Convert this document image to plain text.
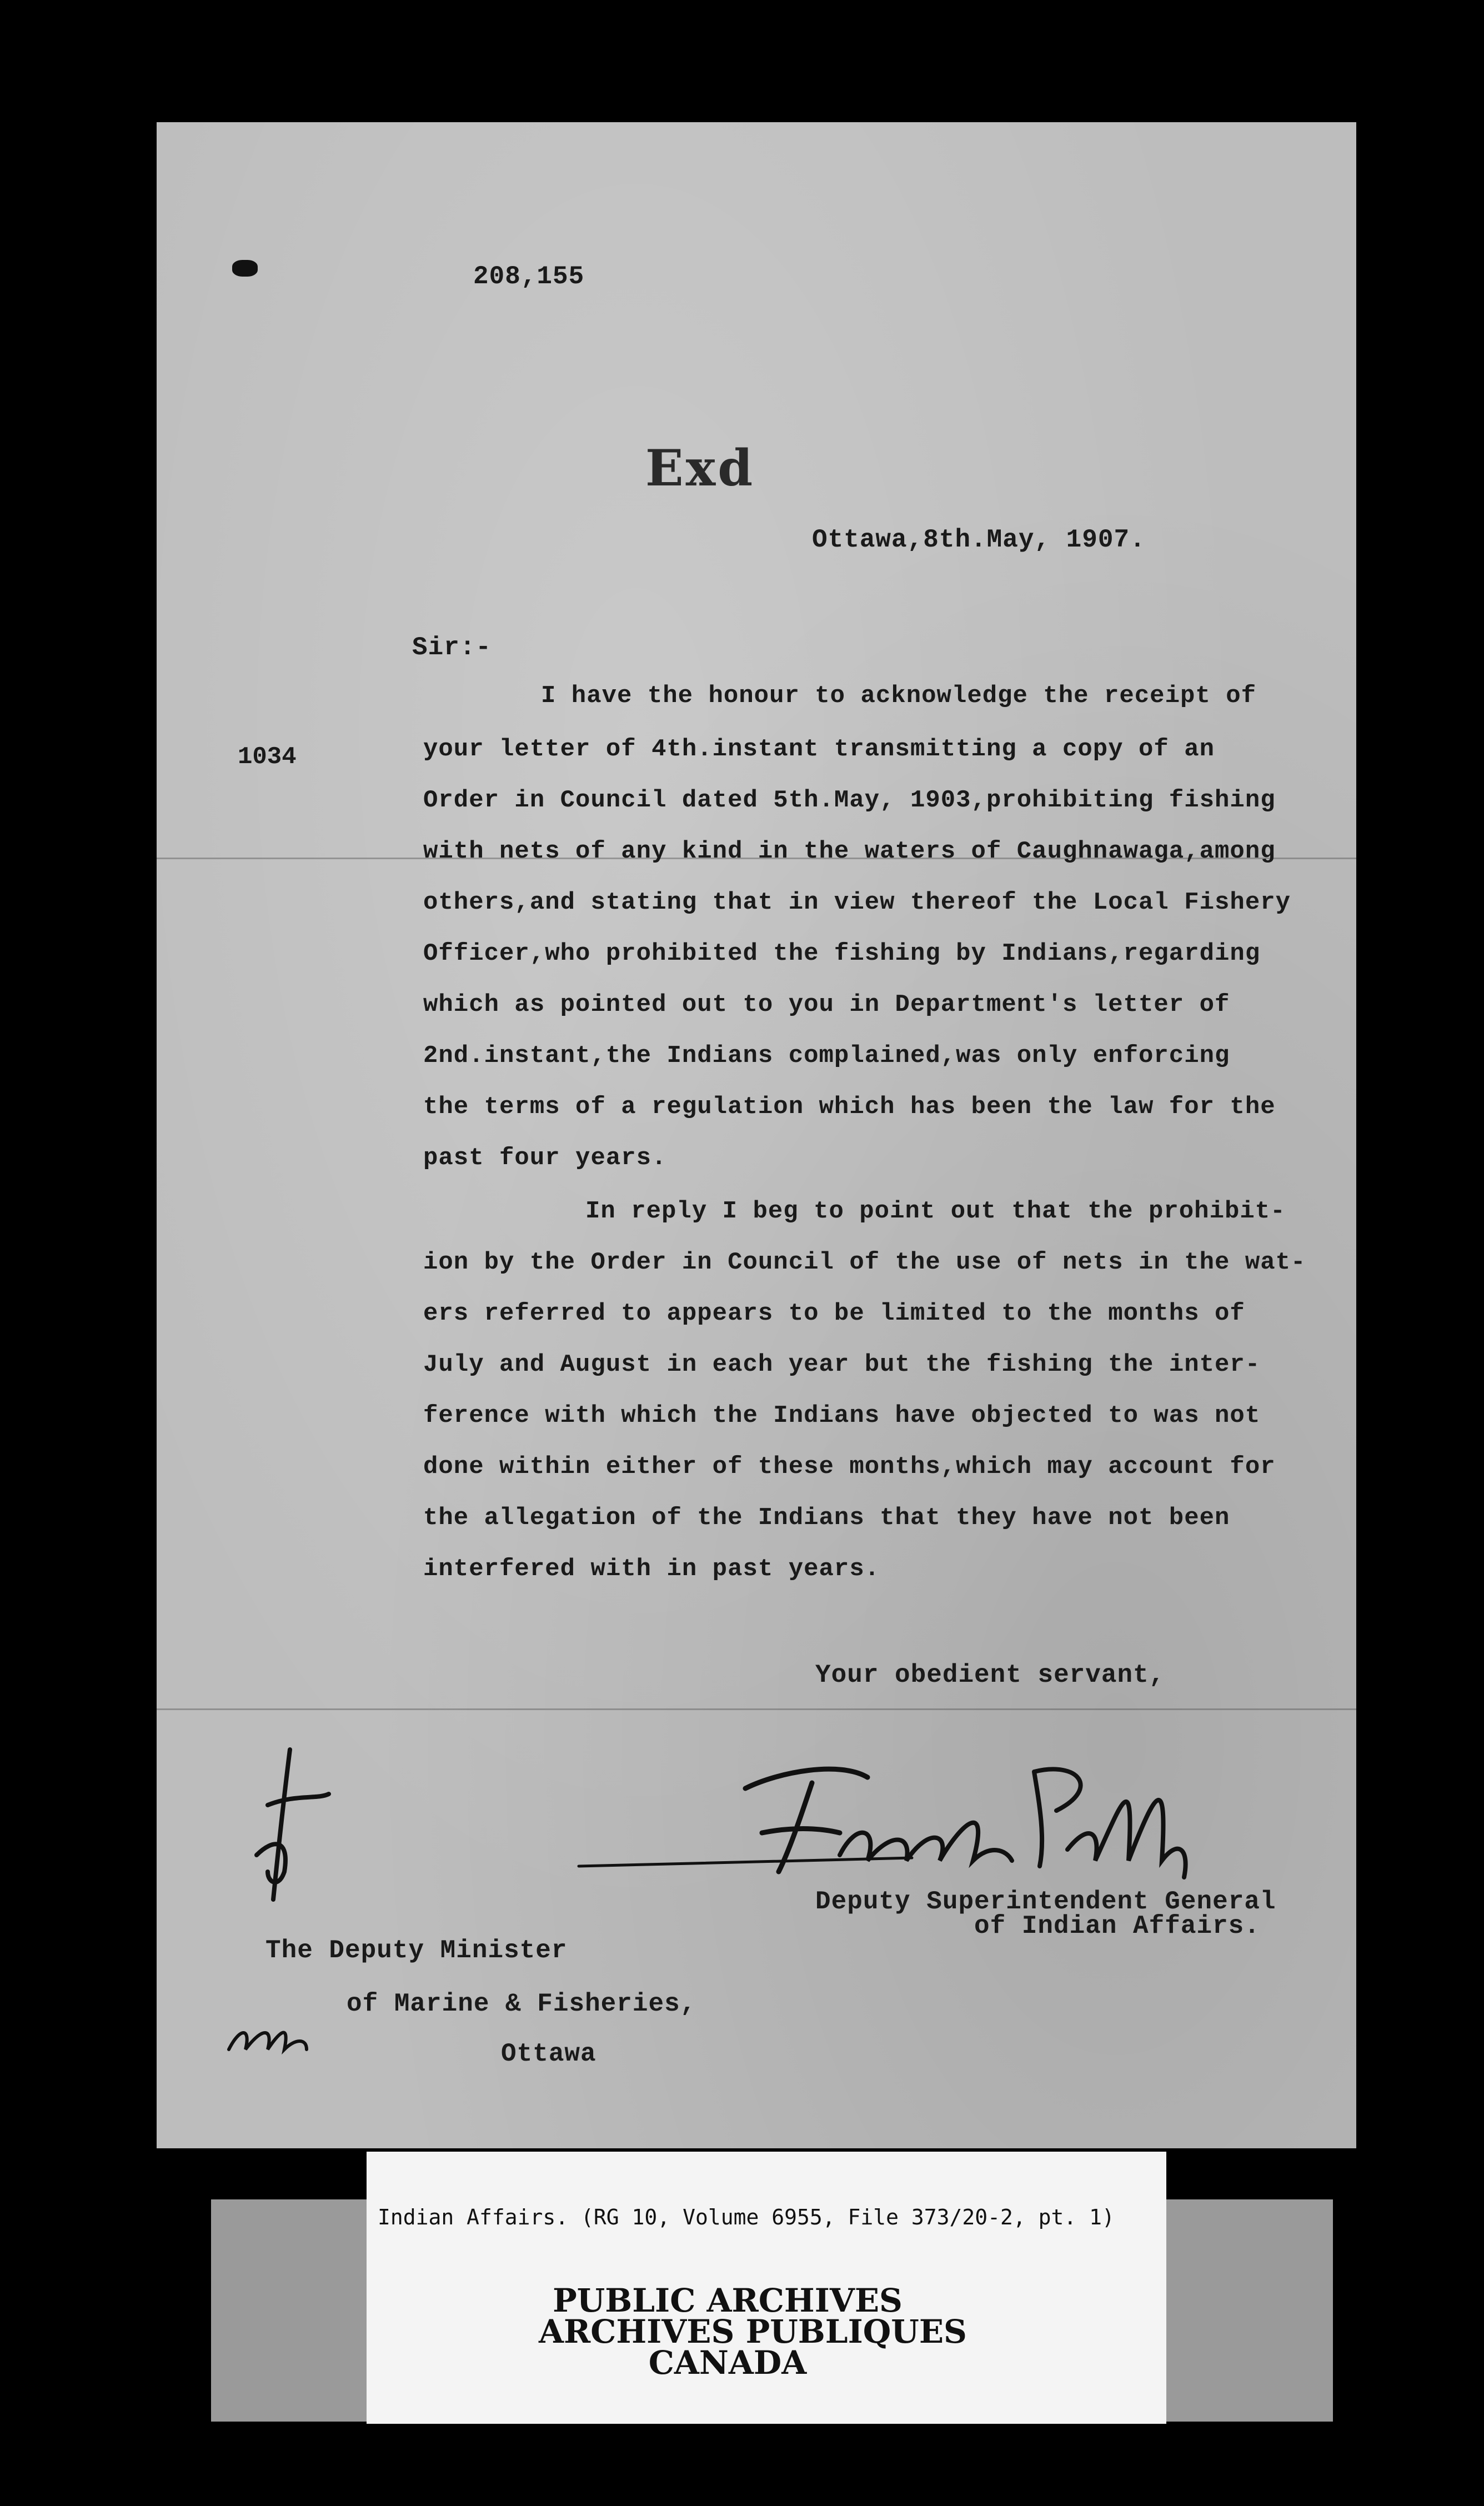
208,155
Exd
Ottawa,8th.May, 1907.
Sir:-
1034
I have the honour to acknowledge the receipt of
your letter of 4th.instant transmitting a copy of an
Order in Council dated 5th.May, 1903,prohibiting fishing
with nets of any kind in the waters of Caughnawaga,among
others,and stating that in view thereof the Local Fishery
Officer,who prohibited the fishing by Indians,regarding
which as pointed out to you in Department's letter of
2nd.instant,the Indians complained,was only enforcing
the terms of a regulation which has been the law for the
past four years.
In reply I beg to point out that the prohibit-
ion by the Order in Council of the use of nets in the wat-
ers referred to appears to be limited to the months of
July and August in each year but the fishing the inter-
ference with which the Indians have objected to was not
done within either of these months,which may account for
the allegation of the Indians that they have not been
interfered with in past years.
Your obedient servant,
Deputy Superintendent General
of Indian Affairs.
The Deputy Minister
of Marine & Fisheries,
Ottawa
Indian Affairs. (RG 10, Volume 6955, File 373/20-2, pt. 1)
PUBLIC ARCHIVES
ARCHIVES PUBLIQUES
CANADA
